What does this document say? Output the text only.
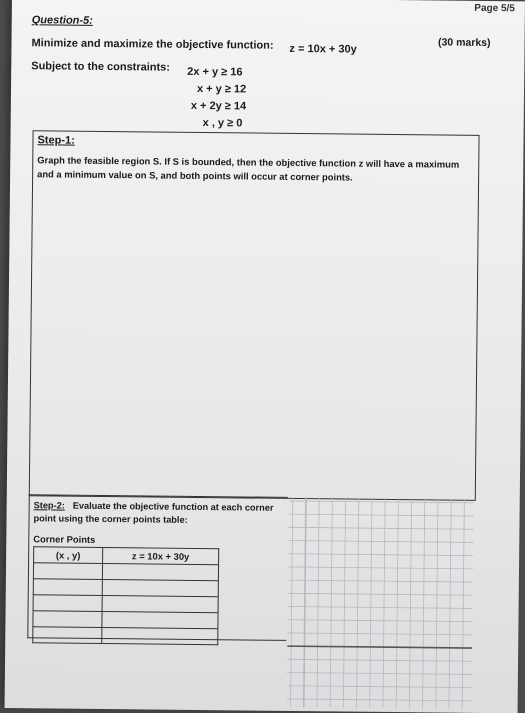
Page 5/5
Question-5:
(30 marks)
Minimize and maximize the objective function: z = 10x + 30y
Subject to the constraints: 2x + y ≥ 16
x + y ≥ 12
x + 2y ≥ 14
x , y ≥ 0
Step-1:
Graph the feasible region S. If S is bounded, then the objective function z will have a maximum and a minimum value on S, and both points will occur at corner points.
Step-2: Evaluate the objective function at each corner point using the corner points table:
Corner Points
(x , y)	z = 10x + 30y
